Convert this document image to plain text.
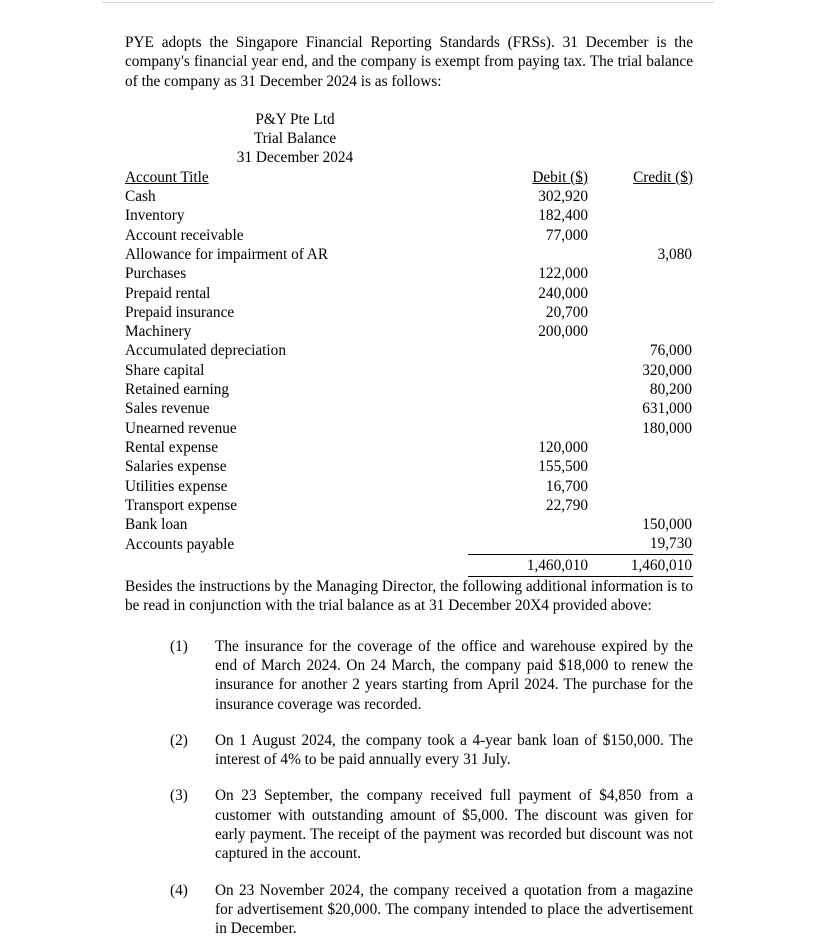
PYE adopts the Singapore Financial Reporting Standards (FRSs). 31 December is the company's financial year end, and the company is exempt from paying tax. The trial balance of the company as 31 December 2024 is as follows:

P&Y Pte Ltd
Trial Balance
31 December 2024
Account Title	Debit ($)	Credit ($)
Cash	302,920	
Inventory	182,400	
Account receivable	77,000	
Allowance for impairment of AR		3,080
Purchases	122,000	
Prepaid rental	240,000	
Prepaid insurance	20,700	
Machinery	200,000	
Accumulated depreciation		76,000
Share capital		320,000
Retained earning		80,200
Sales revenue		631,000
Unearned revenue		180,000
Rental expense	120,000	
Salaries expense	155,500	
Utilities expense	16,700	
Transport expense	22,790	
Bank loan		150,000
Accounts payable		19,730
	1,460,010	1,460,010

Besides the instructions by the Managing Director, the following additional information is to be read in conjunction with the trial balance as at 31 December 20X4 provided above:

(1)	The insurance for the coverage of the office and warehouse expired by the end of March 2024. On 24 March, the company paid $18,000 to renew the insurance for another 2 years starting from April 2024. The purchase for the insurance coverage was recorded.
(2)	On 1 August 2024, the company took a 4-year bank loan of $150,000. The interest of 4% to be paid annually every 31 July.
(3)	On 23 September, the company received full payment of $4,850 from a customer with outstanding amount of $5,000. The discount was given for early payment. The receipt of the payment was recorded but discount was not captured in the account.
(4)	On 23 November 2024, the company received a quotation from a magazine for advertisement $20,000. The company intended to place the advertisement in December.
